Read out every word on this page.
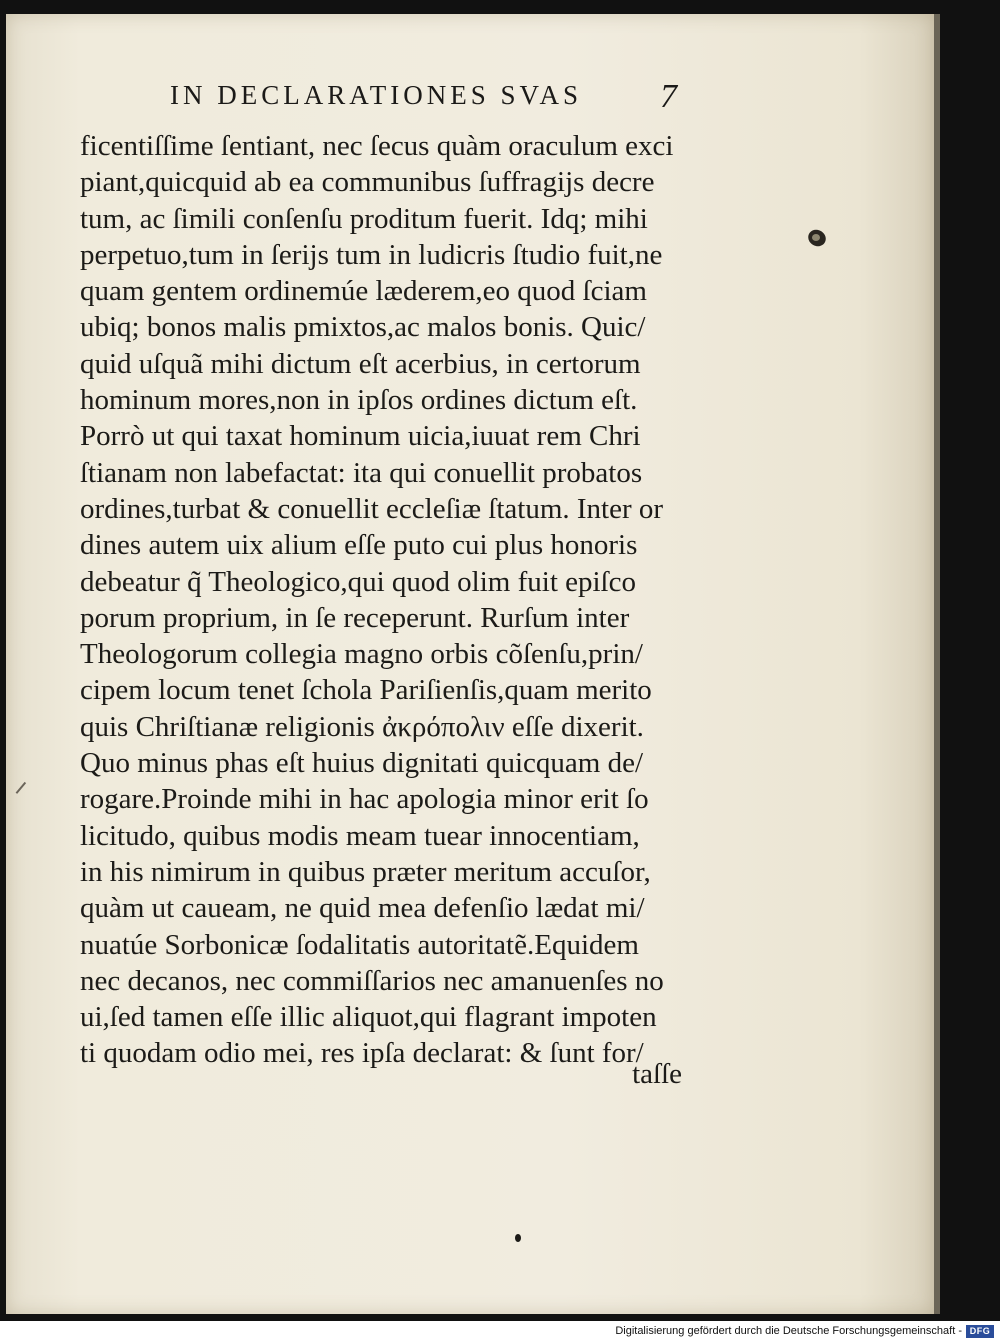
IN DECLARATIONES SVAS 7
ficentiſſime ſentiant, nec ſecus quàm oraculum exci
piant,quicquid ab ea communibus ſuffragijs decre
tum, ac ſimili conſenſu proditum fuerit. Idq; mihi
perpetuo,tum in ſerijs tum in ludicris ſtudio fuit,ne
quam gentem ordinemúe læderem,eo quod ſciam
ubiq; bonos malis pmixtos,ac malos bonis. Quic/
quid uſquã mihi dictum eſt acerbius, in certorum
hominum mores,non in ipſos ordines dictum eſt.
Porrò ut qui taxat hominum uicia,iuuat rem Chri
ſtianam non labefactat: ita qui conuellit probatos
ordines,turbat & conuellit eccleſiæ ſtatum. Inter or
dines autem uix alium eſſe puto cui plus honoris
debeatur q̃ Theologico,qui quod olim fuit epiſco
porum proprium, in ſe receperunt. Rurſum inter
Theologorum collegia magno orbis cõſenſu,prin/
cipem locum tenet ſchola Pariſienſis,quam merito
quis Chriſtianæ religionis ἀκρόπολιν eſſe dixerit.
Quo minus phas eſt huius dignitati quicquam de/
rogare.Proinde mihi in hac apologia minor erit ſo
licitudo, quibus modis meam tuear innocentiam,
in his nimirum in quibus præter meritum accuſor,
quàm ut caueam, ne quid mea defenſio lædat mi/
nuatúe Sorbonicæ ſodalitatis autoritatẽ.Equidem
nec decanos, nec commiſſarios nec amanuenſes no
ui,ſed tamen eſſe illic aliquot,qui flagrant impoten
ti quodam odio mei, res ipſa declarat: & ſunt for/
taſſe
Digitalisierung gefördert durch die Deutsche Forschungsgemeinschaft - DFG
